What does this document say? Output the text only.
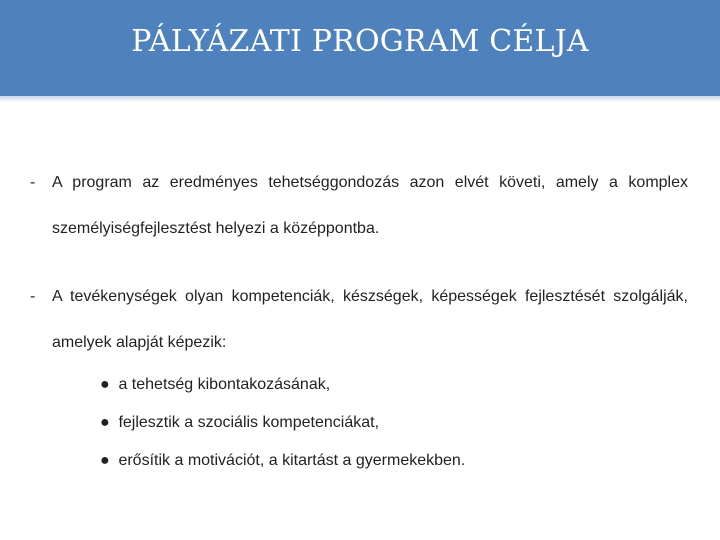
PÁLYÁZATI PROGRAM CÉLJA
-	A program az eredményes tehetséggondozás azon elvét követi, amely a komplex személyiségfejlesztést helyezi a középpontba.
-	A tevékenységek olyan kompetenciák, készségek, képességek fejlesztését szolgálják, amelyek alapját képezik:
● a tehetség kibontakozásának,
● fejlesztik a szociális kompetenciákat,
● erősítik a motivációt, a kitartást a gyermekekben.
